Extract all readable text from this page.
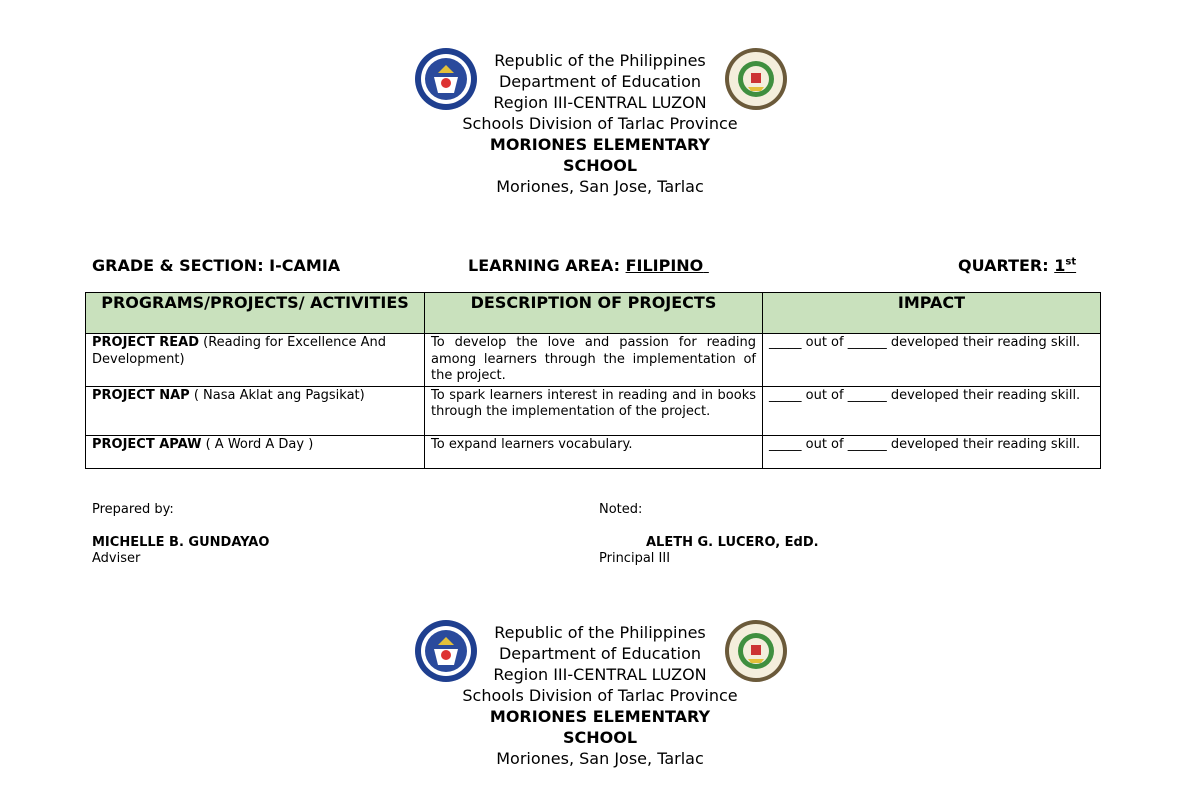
Republic of the Philippines
Department of Education
Region III-CENTRAL LUZON
Schools Division of Tarlac Province
MORIONES ELEMENTARY
SCHOOL
Moriones, San Jose, Tarlac
GRADE & SECTION: I-CAMIA	LEARNING AREA: FILIPINO	QUARTER: 1st
PROGRAMS/PROJECTS/ ACTIVITIES	DESCRIPTION OF PROJECTS	IMPACT
PROJECT READ (Reading for Excellence And Development)	To develop the love and passion for reading among learners through the implementation of the project.	_____ out of ______ developed their reading skill.
PROJECT NAP ( Nasa Aklat ang Pagsikat)	To spark learners interest in reading and in books through the implementation of the project.	_____ out of ______ developed their reading skill.
PROJECT APAW ( A Word A Day )	To expand learners vocabulary.	_____ out of ______ developed their reading skill.
Prepared by:
MICHELLE B. GUNDAYAO
Adviser
Noted:
ALETH G. LUCERO, EdD.
Principal III
Republic of the Philippines
Department of Education
Region III-CENTRAL LUZON
Schools Division of Tarlac Province
MORIONES ELEMENTARY
SCHOOL
Moriones, San Jose, Tarlac
